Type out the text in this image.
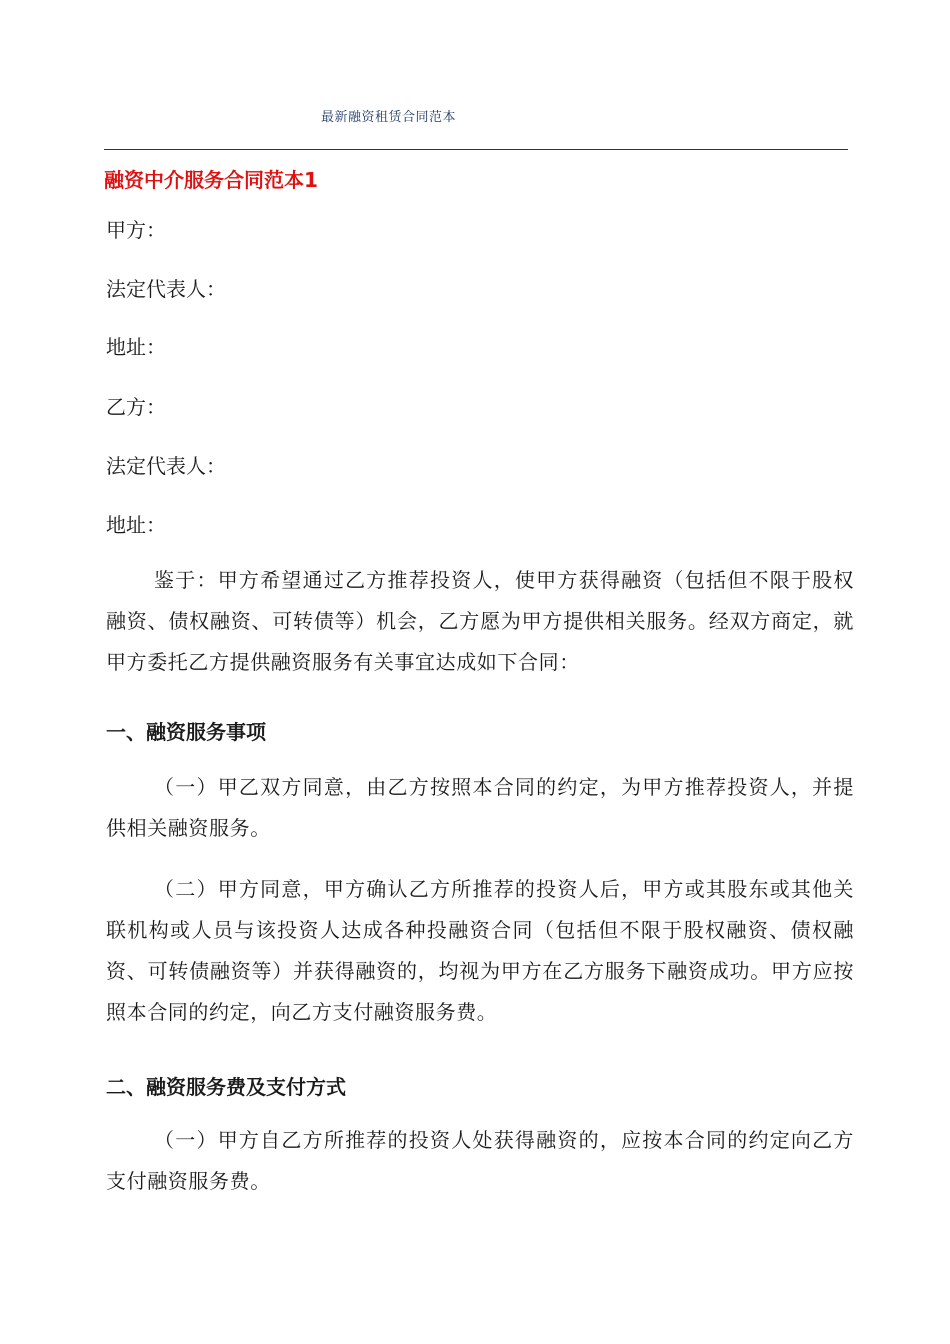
最新融资租赁合同范本
融资中介服务合同范本1
甲方：
法定代表人：
地址：
乙方：
法定代表人：
地址：

鉴于：甲方希望通过乙方推荐投资人，使甲方获得融资（包括但不限于股权融资、债权融资、可转债等）机会，乙方愿为甲方提供相关服务。经双方商定，就甲方委托乙方提供融资服务有关事宜达成如下合同：

一、融资服务事项

（一）甲乙双方同意，由乙方按照本合同的约定，为甲方推荐投资人，并提供相关融资服务。

（二）甲方同意，甲方确认乙方所推荐的投资人后，甲方或其股东或其他关联机构或人员与该投资人达成各种投融资合同（包括但不限于股权融资、债权融资、可转债融资等）并获得融资的，均视为甲方在乙方服务下融资成功。甲方应按照本合同的约定，向乙方支付融资服务费。

二、融资服务费及支付方式

（一）甲方自乙方所推荐的投资人处获得融资的，应按本合同的约定向乙方支付融资服务费。
